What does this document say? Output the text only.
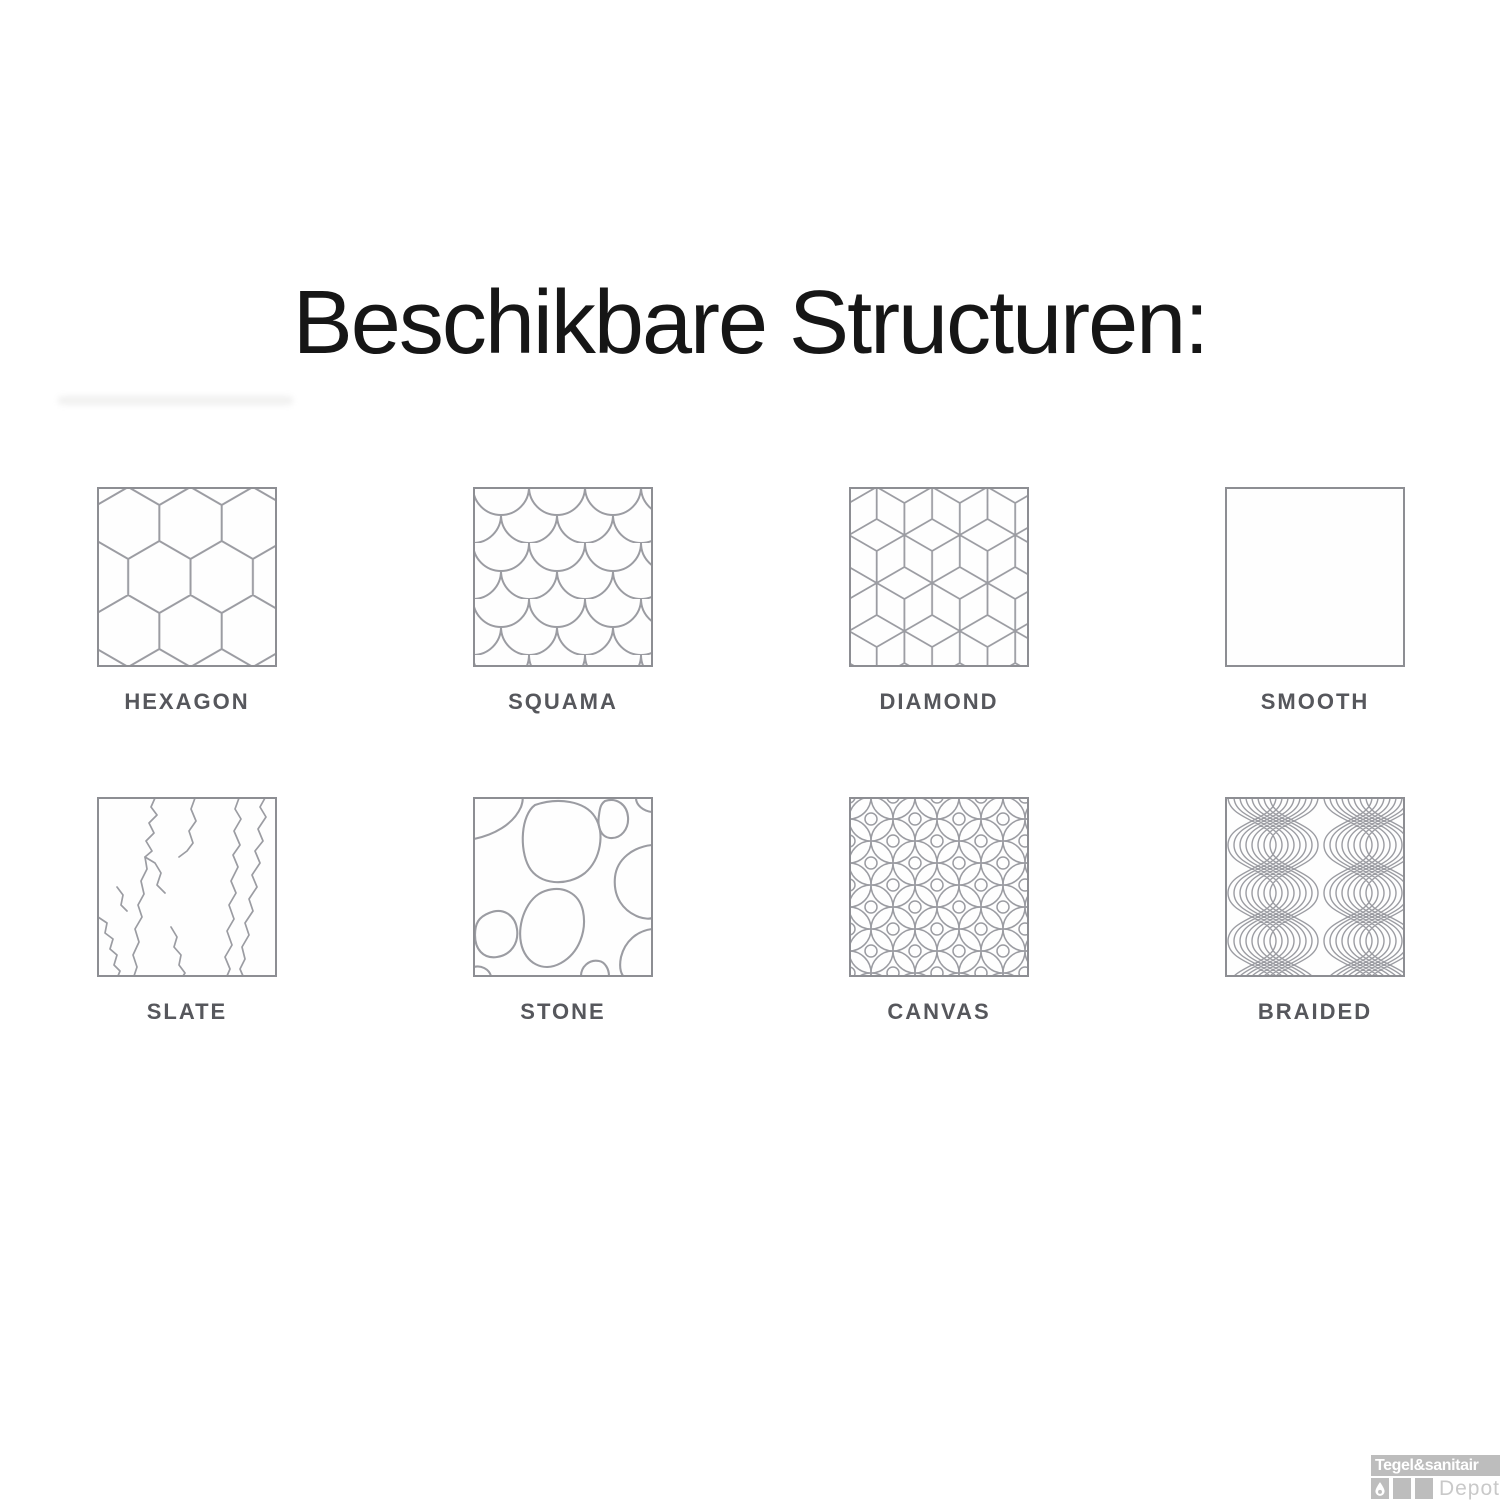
Beschikbare Structuren:
HEXAGON	SQUAMA	DIAMOND	SMOOTH
SLATE	STONE	CANVAS	BRAIDED
Tegel&sanitair
Depot
